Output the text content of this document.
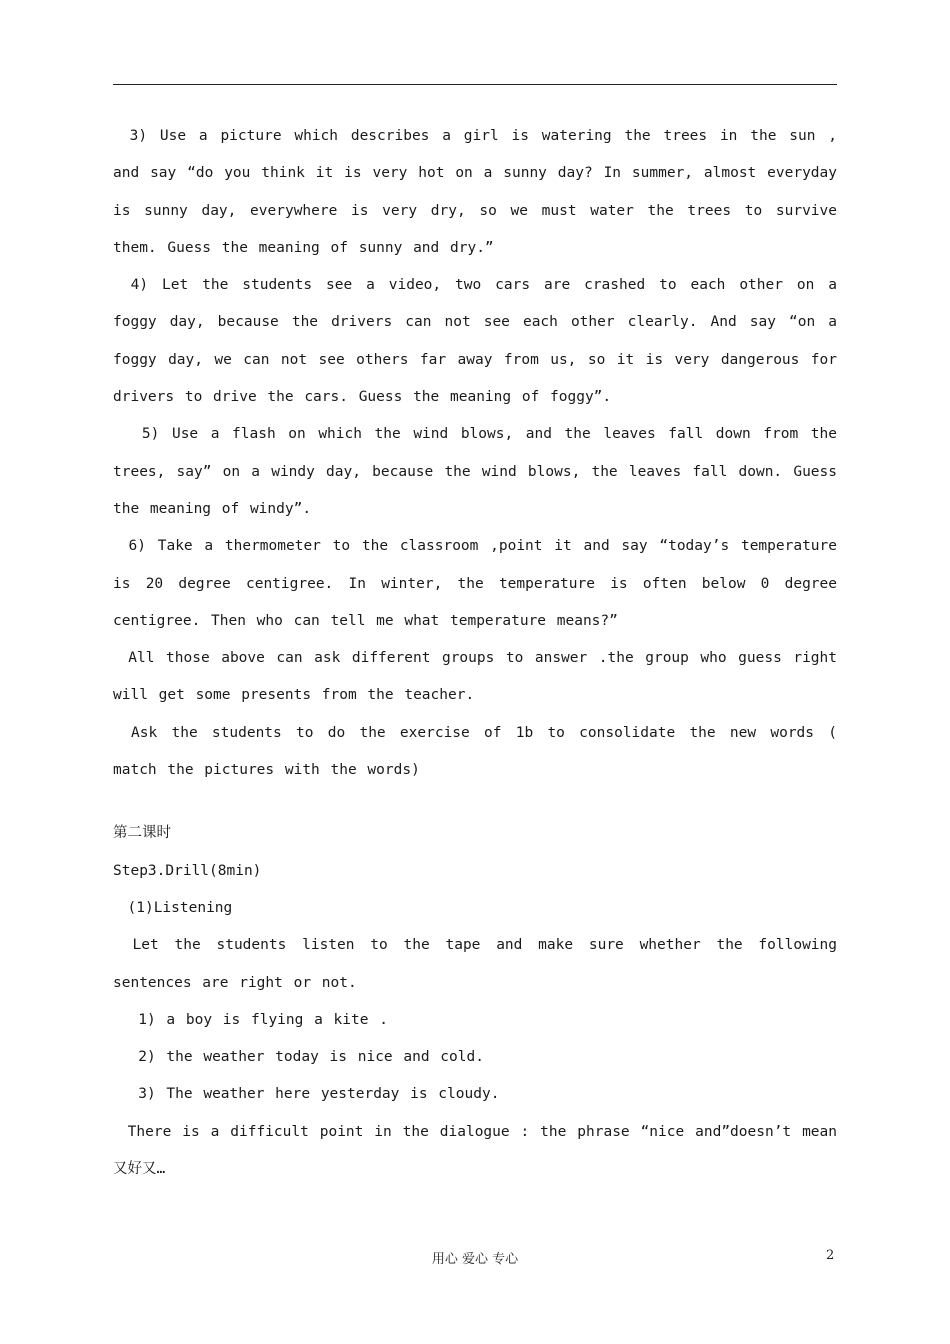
　3) Use a picture which describes a girl is watering the trees in the sun , and say “do you think it is very hot on a sunny day? In summer, almost everyday is sunny day, everywhere is very dry, so we must water the trees to survive them. Guess the meaning of sunny and dry.”

　4) Let the students see a video, two cars are crashed to each other on a foggy day, because the drivers can not see each other clearly. And say “on a foggy day, we can not see others far away from us, so it is very dangerous for drivers to drive the cars. Guess the meaning of foggy”.

　 5) Use a flash on which the wind blows, and the leaves fall down from the trees, say” on a windy day, because the wind blows, the leaves fall down. Guess the meaning of windy”.

　6) Take a thermometer to the classroom ,point it and say “today’s temperature is 20 degree centigree. In winter, the temperature is often below 0 degree centigree. Then who can tell me what temperature means?”

　All those above can ask different groups to answer .the group who guess right will get some presents from the teacher.

　Ask the students to do the exercise of 1b to consolidate the new words ( match the pictures with the words)

第二课时

Step3.Drill(8min)

　(1)Listening

　Let the students listen to the tape and make sure whether the following sentences are right or not.

　 1) a boy is flying a kite .

　 2) the weather today is nice and cold.

　 3) The weather here yesterday is cloudy.

　There is a difficult point in the dialogue : the phrase “nice and”doesn’t mean 又好又…

用心 爱心 专心	2
